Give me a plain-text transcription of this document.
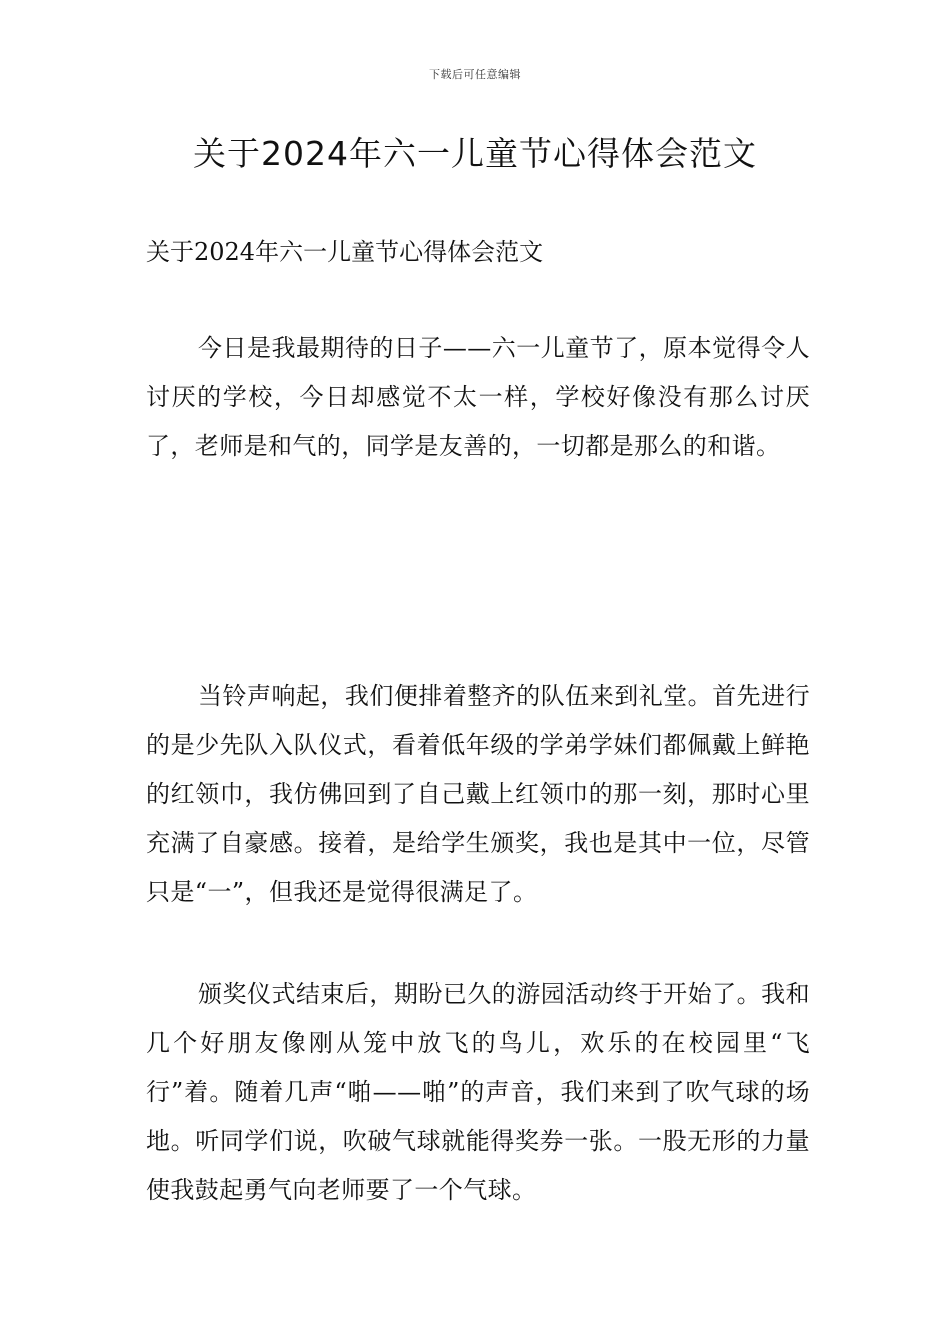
下载后可任意编辑
关于2024年六一儿童节心得体会范文

关于2024年六一儿童节心得体会范文

今日是我最期待的日子——六一儿童节了，原本觉得令人讨厌的学校，今日却感觉不太一样，学校好像没有那么讨厌了，老师是和气的，同学是友善的，一切都是那么的和谐。

当铃声响起，我们便排着整齐的队伍来到礼堂。首先进行的是少先队入队仪式，看着低年级的学弟学妹们都佩戴上鲜艳的红领巾，我仿佛回到了自己戴上红领巾的那一刻，那时心里充满了自豪感。接着，是给学生颁奖，我也是其中一位，尽管只是“一”，但我还是觉得很满足了。

颁奖仪式结束后，期盼已久的游园活动终于开始了。我和几个好朋友像刚从笼中放飞的鸟儿，欢乐的在校园里“飞行”着。随着几声“啪——啪”的声音，我们来到了吹气球的场地。听同学们说，吹破气球就能得奖券一张。一股无形的力量使我鼓起勇气向老师要了一个气球。
